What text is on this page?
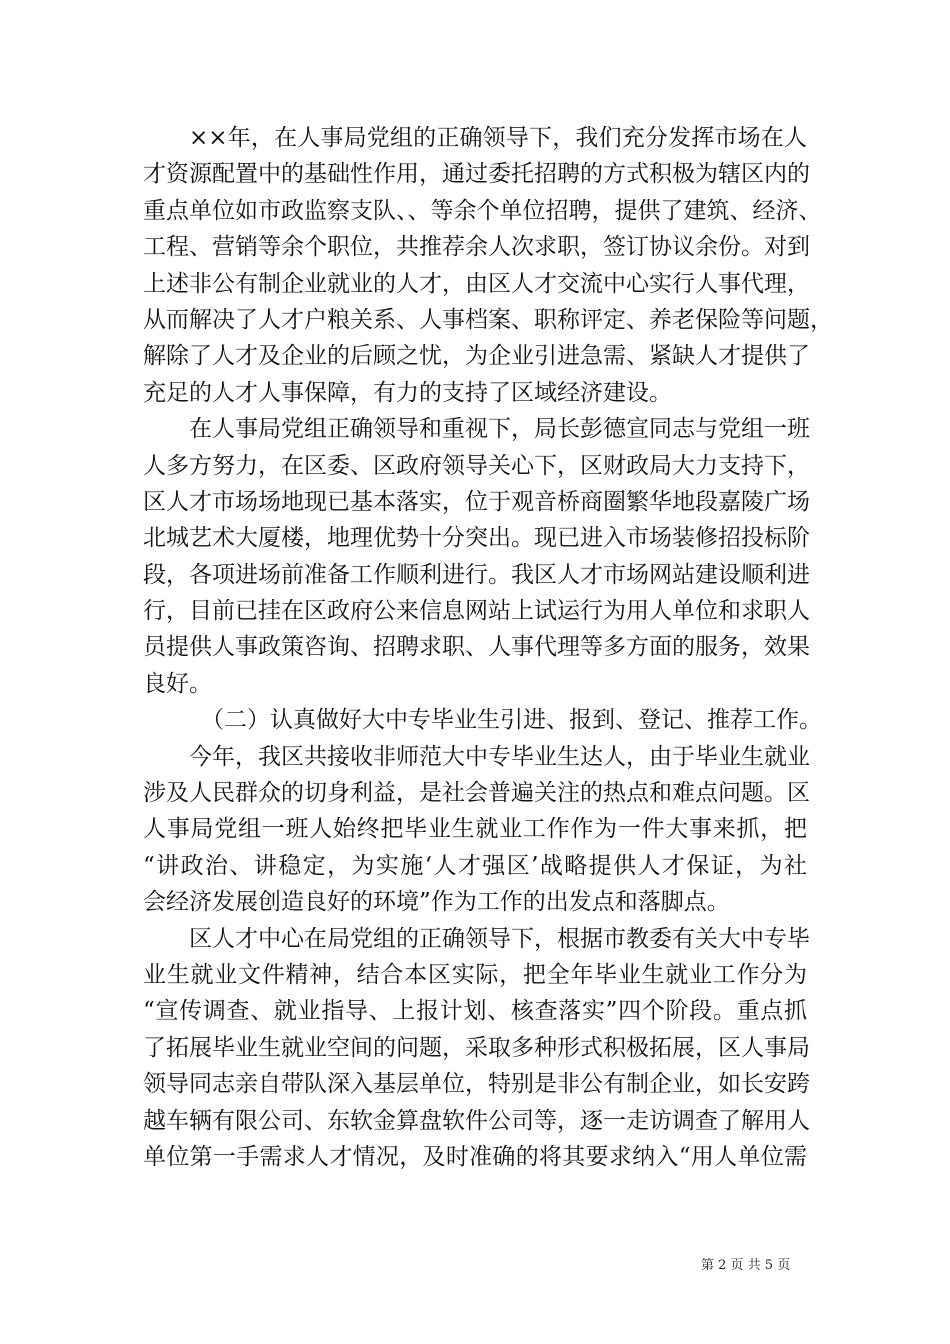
××年，在人事局党组的正确领导下，我们充分发挥市场在人
才资源配置中的基础性作用，通过委托招聘的方式积极为辖区内的
重点单位如市政监察支队、、等余个单位招聘，提供了建筑、经济、
工程、营销等余个职位，共推荐余人次求职，签订协议余份。对到
上述非公有制企业就业的人才，由区人才交流中心实行人事代理，
从而解决了人才户粮关系、人事档案、职称评定、养老保险等问题，
解除了人才及企业的后顾之忧，为企业引进急需、紧缺人才提供了
充足的人才人事保障，有力的支持了区域经济建设。
在人事局党组正确领导和重视下，局长彭德宣同志与党组一班
人多方努力，在区委、区政府领导关心下，区财政局大力支持下，
区人才市场场地现已基本落实，位于观音桥商圈繁华地段嘉陵广场
北城艺术大厦楼，地理优势十分突出。现已进入市场装修招投标阶
段，各项进场前准备工作顺利进行。我区人才市场网站建设顺利进
行，目前已挂在区政府公来信息网站上试运行为用人单位和求职人
员提供人事政策咨询、招聘求职、人事代理等多方面的服务，效果
良好。
（二）认真做好大中专毕业生引进、报到、登记、推荐工作。
今年，我区共接收非师范大中专毕业生达人，由于毕业生就业
涉及人民群众的切身利益，是社会普遍关注的热点和难点问题。区
人事局党组一班人始终把毕业生就业工作作为一件大事来抓，把
“讲政治、讲稳定，为实施‘人才强区’战略提供人才保证，为社
会经济发展创造良好的环境”作为工作的出发点和落脚点。
区人才中心在局党组的正确领导下，根据市教委有关大中专毕
业生就业文件精神，结合本区实际，把全年毕业生就业工作分为
“宣传调查、就业指导、上报计划、核查落实”四个阶段。重点抓
了拓展毕业生就业空间的问题，采取多种形式积极拓展，区人事局
领导同志亲自带队深入基层单位，特别是非公有制企业，如长安跨
越车辆有限公司、东软金算盘软件公司等，逐一走访调查了解用人
单位第一手需求人才情况，及时准确的将其要求纳入“用人单位需
第 2 页 共 5 页
